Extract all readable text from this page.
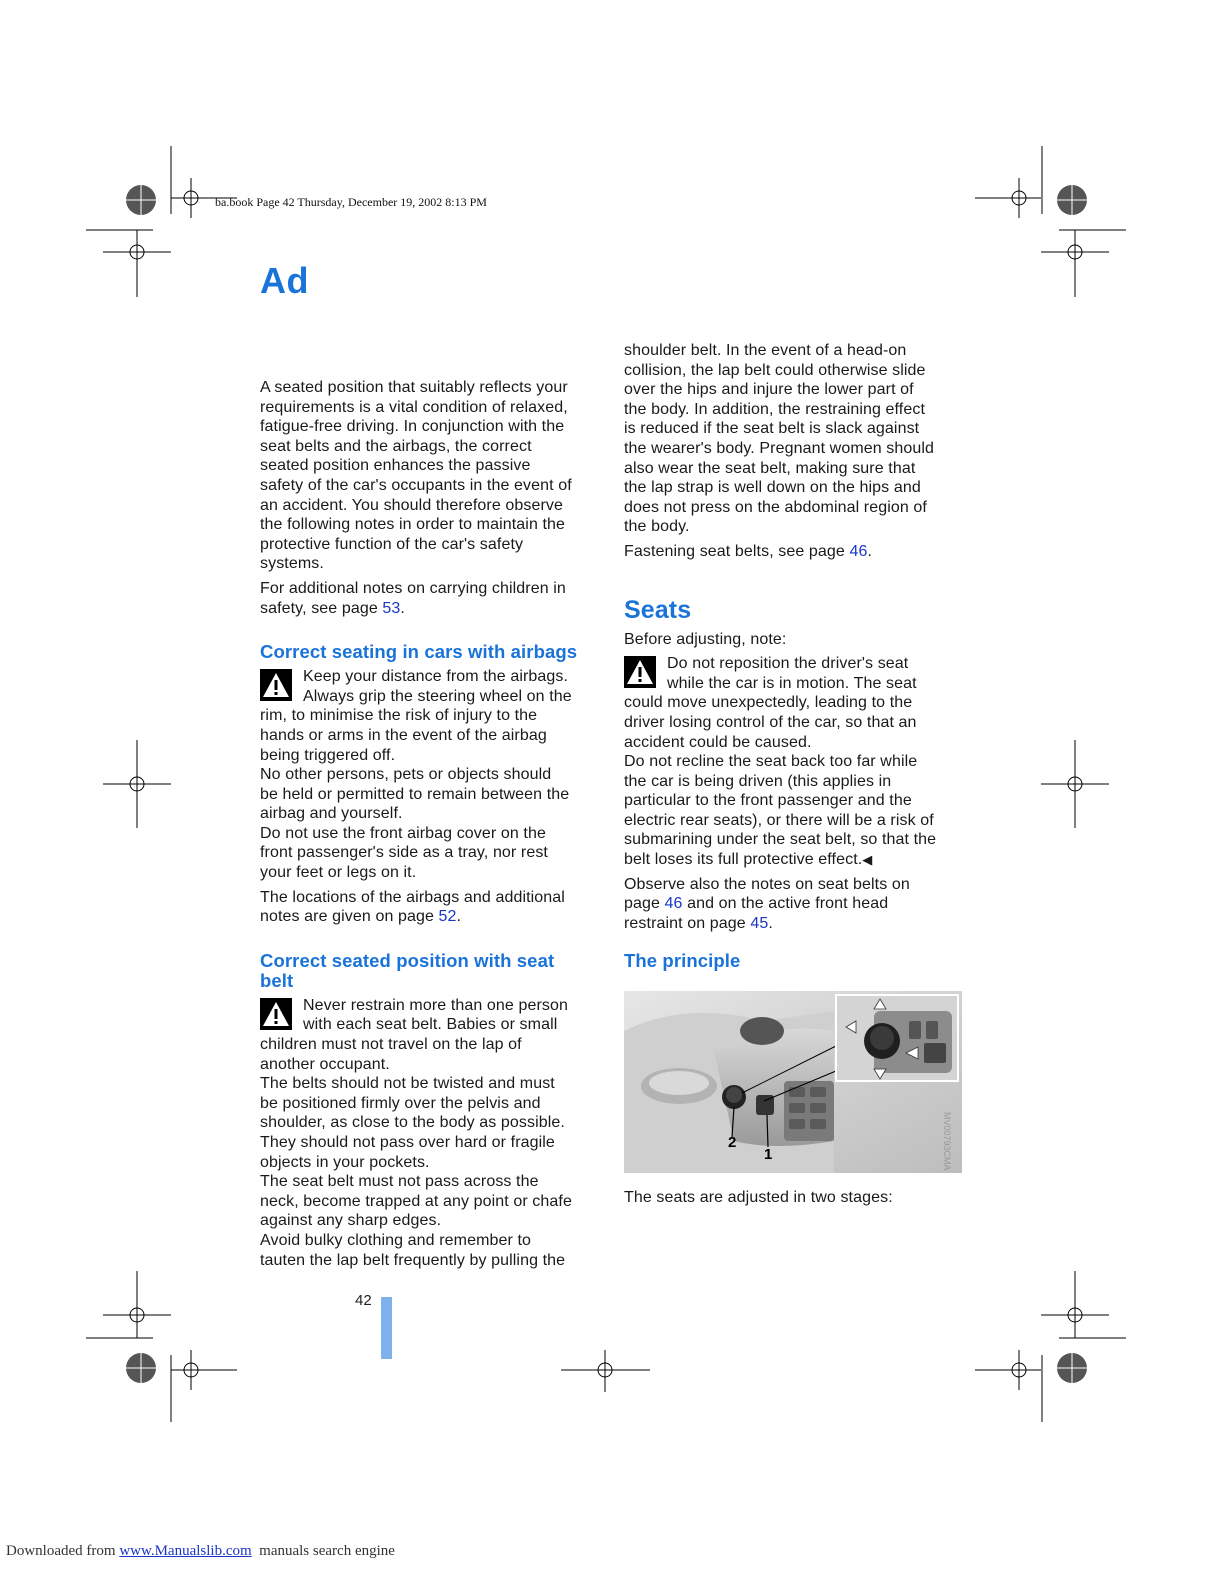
ba.book Page 42 Thursday, December 19, 2002 8:13 PM
Ad

A seated position that suitably reflects your
requirements is a vital condition of relaxed,
fatigue-free driving. In conjunction with the
seat belts and the airbags, the correct
seated position enhances the passive
safety of the car's occupants in the event of
an accident. You should therefore observe
the following notes in order to maintain the
protective function of the car's safety
systems.

For additional notes on carrying children in
safety, see page 53.

Correct seating in cars with airbags
Keep your distance from the airbags.
Always grip the steering wheel on the
rim, to minimise the risk of injury to the
hands or arms in the event of the airbag
being triggered off.
No other persons, pets or objects should
be held or permitted to remain between the
airbag and yourself.
Do not use the front airbag cover on the
front passenger's side as a tray, nor rest
your feet or legs on it.

The locations of the airbags and additional
notes are given on page 52.

Correct seated position with seat
belt
Never restrain more than one person
with each seat belt. Babies or small
children must not travel on the lap of
another occupant.
The belts should not be twisted and must
be positioned firmly over the pelvis and
shoulder, as close to the body as possible.
They should not pass over hard or fragile
objects in your pockets.
The seat belt must not pass across the
neck, become trapped at any point or chafe
against any sharp edges.
Avoid bulky clothing and remember to
tauten the lap belt frequently by pulling the

shoulder belt. In the event of a head-on
collision, the lap belt could otherwise slide
over the hips and injure the lower part of
the body. In addition, the restraining effect
is reduced if the seat belt is slack against
the wearer's body. Pregnant women should
also wear the seat belt, making sure that
the lap strap is well down on the hips and
does not press on the abdominal region of
the body.

Fastening seat belts, see page 46.

Seats

Before adjusting, note:

Do not reposition the driver's seat
while the car is in motion. The seat
could move unexpectedly, leading to the
driver losing control of the car, so that an
accident could be caused.
Do not recline the seat back too far while
the car is being driven (this applies in
particular to the front passenger and the
electric rear seats), or there will be a risk of
submarining under the seat belt, so that the
belt loses its full protective effect.◀

Observe also the notes on seat belts on
page 46 and on the active front head
restraint on page 45.

The principle
2
1	MV00793CMA
The seats are adjusted in two stages:
42
Downloaded from www.Manualslib.com  manuals search engine
